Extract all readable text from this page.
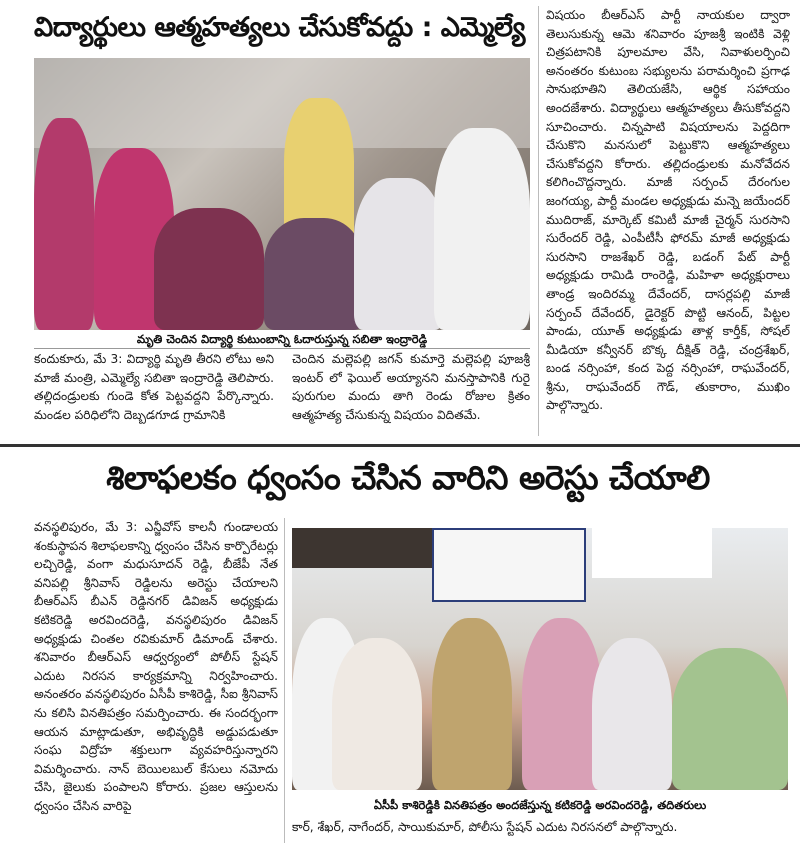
విద్యార్థులు ఆత్మహత్యలు చేసుకోవద్దు : ఎమ్మెల్యే
మృతి చెందిన విద్యార్థి కుటుంబాన్ని ఓదారుస్తున్న సబితా ఇంద్రారెడ్డి
కందుకూరు, మే 3: విద్యార్థి మృతి తీరని లోటు అని మాజీ మంత్రి, ఎమ్మెల్యే సబితా ఇంద్రారెడ్డి తెలిపారు. తల్లిదండ్రులకు గుండె కోత పెట్టవద్దని పేర్కొన్నారు. మండల పరిధిలోని దెబ్బడగూడ గ్రామానికి
చెందిన మల్లెపల్లి జగన్ కుమార్తె మల్లెపల్లి పూజశ్రీ ఇంటర్ లో ఫెయిల్ అయ్యానని మనస్తాపానికి గురై పురుగుల మందు తాగి రెండు రోజుల క్రితం ఆత్మహత్య చేసుకున్న విషయం విదితమే.
విషయం బీఆర్ఎస్ పార్టీ నాయకుల ద్వారా తెలుసుకున్న ఆమె శనివారం పూజశ్రీ ఇంటికి వెళ్లి చిత్రపటానికి పూలమాల వేసి, నివాళులర్పించి అనంతరం కుటుంబ సభ్యులను పరామర్శించి ప్రగాఢ సానుభూతిని తెలియజేసి, ఆర్థిక సహాయం అందజేశారు. విద్యార్థులు ఆత్మహత్యలు తీసుకోవద్దని సూచించారు. చిన్నపాటి విషయాలను పెద్దదిగా చేసుకొని మనసులో పెట్టుకొని ఆత్మహత్యలు చేసుకోవద్దని కోరారు. తల్లిదండ్రులకు మనోవేదన కలిగించొద్దన్నారు. మాజీ సర్పంచ్ దేరంగుల జంగయ్య, పార్టీ మండల అధ్యక్షుడు మన్నె జయేందర్ ముదిరాజ్, మార్కెట్ కమిటీ మాజీ చైర్మన్ సురసాని సురేందర్ రెడ్డి, ఎంపీటీసీ ఫోరమ్ మాజీ అధ్యక్షుడు సురసాని రాజశేఖర్ రెడ్డి, బడంగ్ పేట్ పార్టీ అధ్యక్షుడు రామిడి రాంరెడ్డి, మహిళా అధ్యక్షురాలు తాండ్ర ఇందిరమ్మ దేవేందర్, దాసర్లపల్లి మాజీ సర్పంచ్ దేవేందర్, డైరెక్టర్ పొట్టి ఆనంద్, పిట్టల పాండు, యూత్ అధ్యక్షుడు తాళ్ల కార్తీక్, సోషల్ మీడియా కన్వీనర్ బొక్క దీక్షిత్ రెడ్డి, చంద్రశేఖర్, బండ నర్సింహా, కంద పెద్ద నర్సింహా, రాఘవేందర్, శ్రీను, రాఘవేందర్ గౌడ్, తుకారాం, ముఖిం పాల్గొన్నారు.
శిలాఫలకం ధ్వంసం చేసిన వారిని అరెస్టు చేయాలి
వనస్థలిపురం, మే 3: ఎన్జీవోస్ కాలనీ గుండాలయ శంకుస్థాపన శిలాఫలకాన్ని ధ్వంసం చేసిన కార్పొరేటర్లు లచ్చిరెడ్డి, వంగా మధుసూదన్ రెడ్డి, బీజేపీ నేత వనిపల్లి శ్రీనివాస్ రెడ్డిలను అరెస్టు చేయాలని బీఆర్ఎస్ బీఎన్ రెడ్డినగర్ డివిజన్ అధ్యక్షుడు కటికరెడ్డి అరవిందరెడ్డి, వనస్థలిపురం డివిజన్ అధ్యక్షుడు చింతల రవికుమార్ డిమాండ్ చేశారు. శనివారం బీఆర్ఎస్ ఆధ్వర్యంలో పోలీస్ స్టేషన్ ఎదుట నిరసన కార్యక్రమాన్ని నిర్వహించారు. అనంతరం వనస్థలిపురం ఏసీపీ కాశిరెడ్డి, సీఐ శ్రీనివాస్ ను కలిసి వినతిపత్రం సమర్పించారు. ఈ సందర్భంగా ఆయన మాట్లాడుతూ, అభివృద్ధికి అడ్డుపడుతూ సంఘ విద్రోహ శక్తులుగా వ్యవహరిస్తున్నారని విమర్శించారు. నాన్ బెయిలబుల్ కేసులు నమోదు చేసి, జైలుకు పంపాలని కోరారు. ప్రజల ఆస్తులను ధ్వంసం చేసిన వారిపై	ఏసీపీ కాశిరెడ్డికి వినతిపత్రం అందజేస్తున్న కటికరెడ్డి అరవిందరెడ్డి, తదితరులు
కార్, శేఖర్, నాగేందర్, సాయికుమార్, పోలీసు స్టేషన్ ఎదుట నిరసనలో పాల్గొన్నారు.
